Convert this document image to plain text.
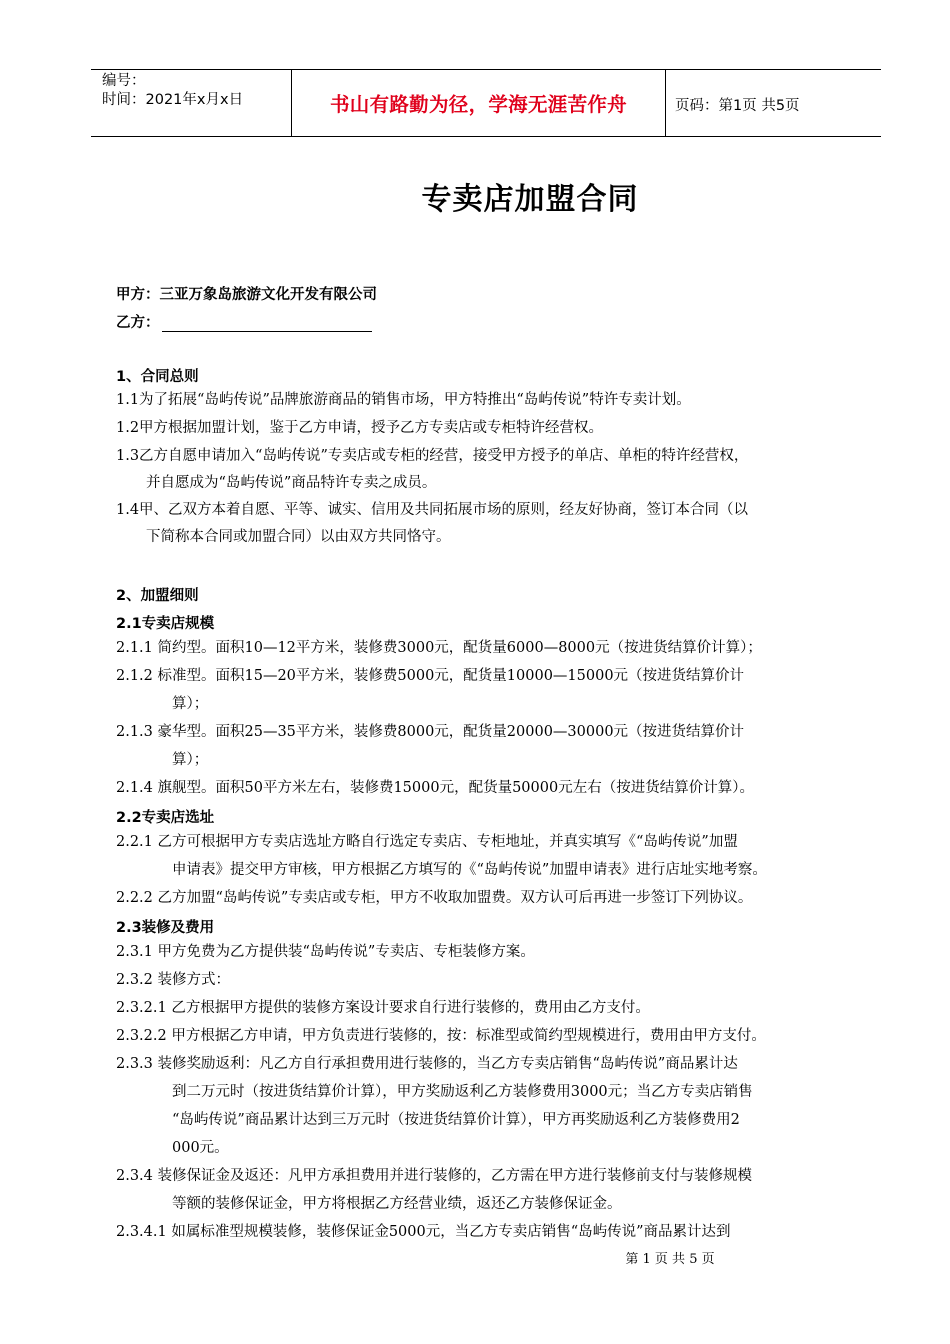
编号：
时间：2021年x月x日	书山有路勤为径，学海无涯苦作舟	页码：第1页 共5页
专卖店加盟合同
甲方：三亚万象岛旅游文化开发有限公司
乙方：
1、合同总则
1.1为了拓展“岛屿传说”品牌旅游商品的销售市场，甲方特推出“岛屿传说”特许专卖计划。
1.2甲方根据加盟计划，鉴于乙方申请，授予乙方专卖店或专柜特许经营权。
1.3乙方自愿申请加入“岛屿传说”专卖店或专柜的经营，接受甲方授予的单店、单柜的特许经营权，
并自愿成为“岛屿传说”商品特许专卖之成员。
1.4甲、乙双方本着自愿、平等、诚实、信用及共同拓展市场的原则，经友好协商，签订本合同（以
下简称本合同或加盟合同）以由双方共同恪守。
2、加盟细则
2.1专卖店规模
2.1.1 简约型。面积10—12平方米，装修费3000元，配货量6000—8000元（按进货结算价计算）；
2.1.2 标准型。面积15—20平方米，装修费5000元，配货量10000—15000元（按进货结算价计
算）；
2.1.3 豪华型。面积25—35平方米，装修费8000元，配货量20000—30000元（按进货结算价计
算）；
2.1.4 旗舰型。面积50平方米左右，装修费15000元，配货量50000元左右（按进货结算价计算）。
2.2专卖店选址
2.2.1 乙方可根据甲方专卖店选址方略自行选定专卖店、专柜地址，并真实填写《“岛屿传说”加盟
申请表》提交甲方审核，甲方根据乙方填写的《“岛屿传说”加盟申请表》进行店址实地考察。
2.2.2 乙方加盟“岛屿传说”专卖店或专柜，甲方不收取加盟费。双方认可后再进一步签订下列协议。
2.3装修及费用
2.3.1 甲方免费为乙方提供装“岛屿传说”专卖店、专柜装修方案。
2.3.2 装修方式：
2.3.2.1 乙方根据甲方提供的装修方案设计要求自行进行装修的，费用由乙方支付。
2.3.2.2 甲方根据乙方申请，甲方负责进行装修的，按：标准型或简约型规模进行，费用由甲方支付。
2.3.3 装修奖励返利：凡乙方自行承担费用进行装修的，当乙方专卖店销售“岛屿传说”商品累计达
到二万元时（按进货结算价计算），甲方奖励返利乙方装修费用3000元；当乙方专卖店销售
“岛屿传说”商品累计达到三万元时（按进货结算价计算），甲方再奖励返利乙方装修费用2
000元。
2.3.4 装修保证金及返还：凡甲方承担费用并进行装修的，乙方需在甲方进行装修前支付与装修规模
等额的装修保证金，甲方将根据乙方经营业绩，返还乙方装修保证金。
2.3.4.1 如属标准型规模装修，装修保证金5000元，当乙方专卖店销售“岛屿传说”商品累计达到
第 1 页 共 5 页
